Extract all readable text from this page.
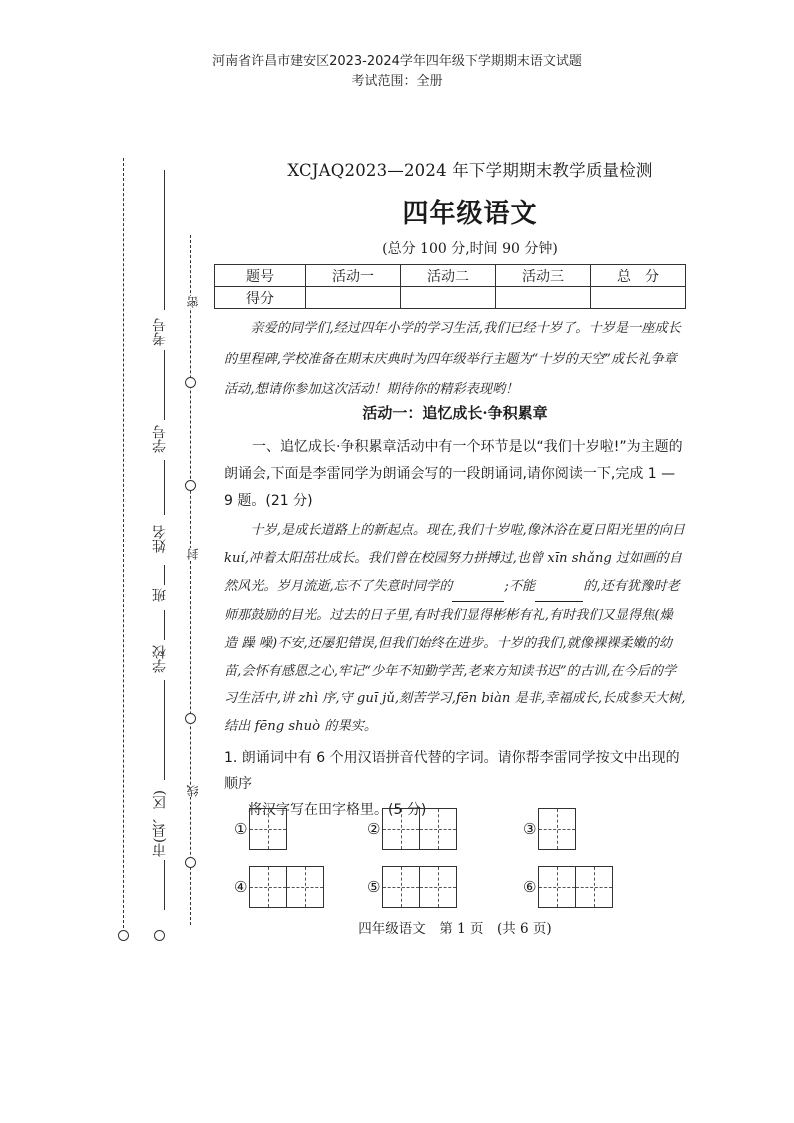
河南省许昌市建安区2023-2024学年四年级下学期期末语文试题
考试范围：全册
考号
学号
姓名
班
学校
市(县、区)
密
封
线
XCJAQ2023—2024 年下学期期末教学质量检测
四年级语文
(总分 100 分,时间 90 分钟)
题号	活动一	活动二	活动三	总　分
得分				
亲爱的同学们,经过四年小学的学习生活,我们已经十岁了。十岁是一座成长的里程碑,学校准备在期末庆典时为四年级举行主题为“十岁的天空”成长礼争章活动,想请你参加这次活动！期待你的精彩表现哟！
活动一：追忆成长·争积累章
一、追忆成长·争积累章活动中有一个环节是以“我们十岁啦!”为主题的朗诵会,下面是李雷同学为朗诵会写的一段朗诵词,请你阅读一下,完成 1 — 9 题。(21 分)
十岁,是成长道路上的新起点。现在,我们十岁啦,像沐浴在夏日阳光里的向日 kuí,冲着太阳茁壮成长。我们曾在校园努力拼搏过,也曾 xīn shǎng 过如画的自然风光。岁月流逝,忘不了失意时同学的	;不能	的,还有犹豫时老师那鼓励的目光。过去的日子里,有时我们显得彬彬有礼,有时我们又显得焦(燥 造 躁 噪)不安,还屡犯错误,但我们始终在进步。十岁的我们,就像裸裸柔嫩的幼苗,会怀有感恩之心,牢记“少年不知勤学苦,老来方知读书迟”的古训,在今后的学习生活中,讲 zhì 序,守 guī jǔ,刻苦学习,fēn biàn 是非,幸福成长,长成参天大树,结出 fēng shuò 的果实。
1. 朗诵词中有 6 个用汉语拼音代替的字词。请你帮李雷同学按文中出现的顺序
将汉字写在田字格里。(5 分)
①	②	③
④	⑤	⑥
四年级语文　第 1 页　(共 6 页)
